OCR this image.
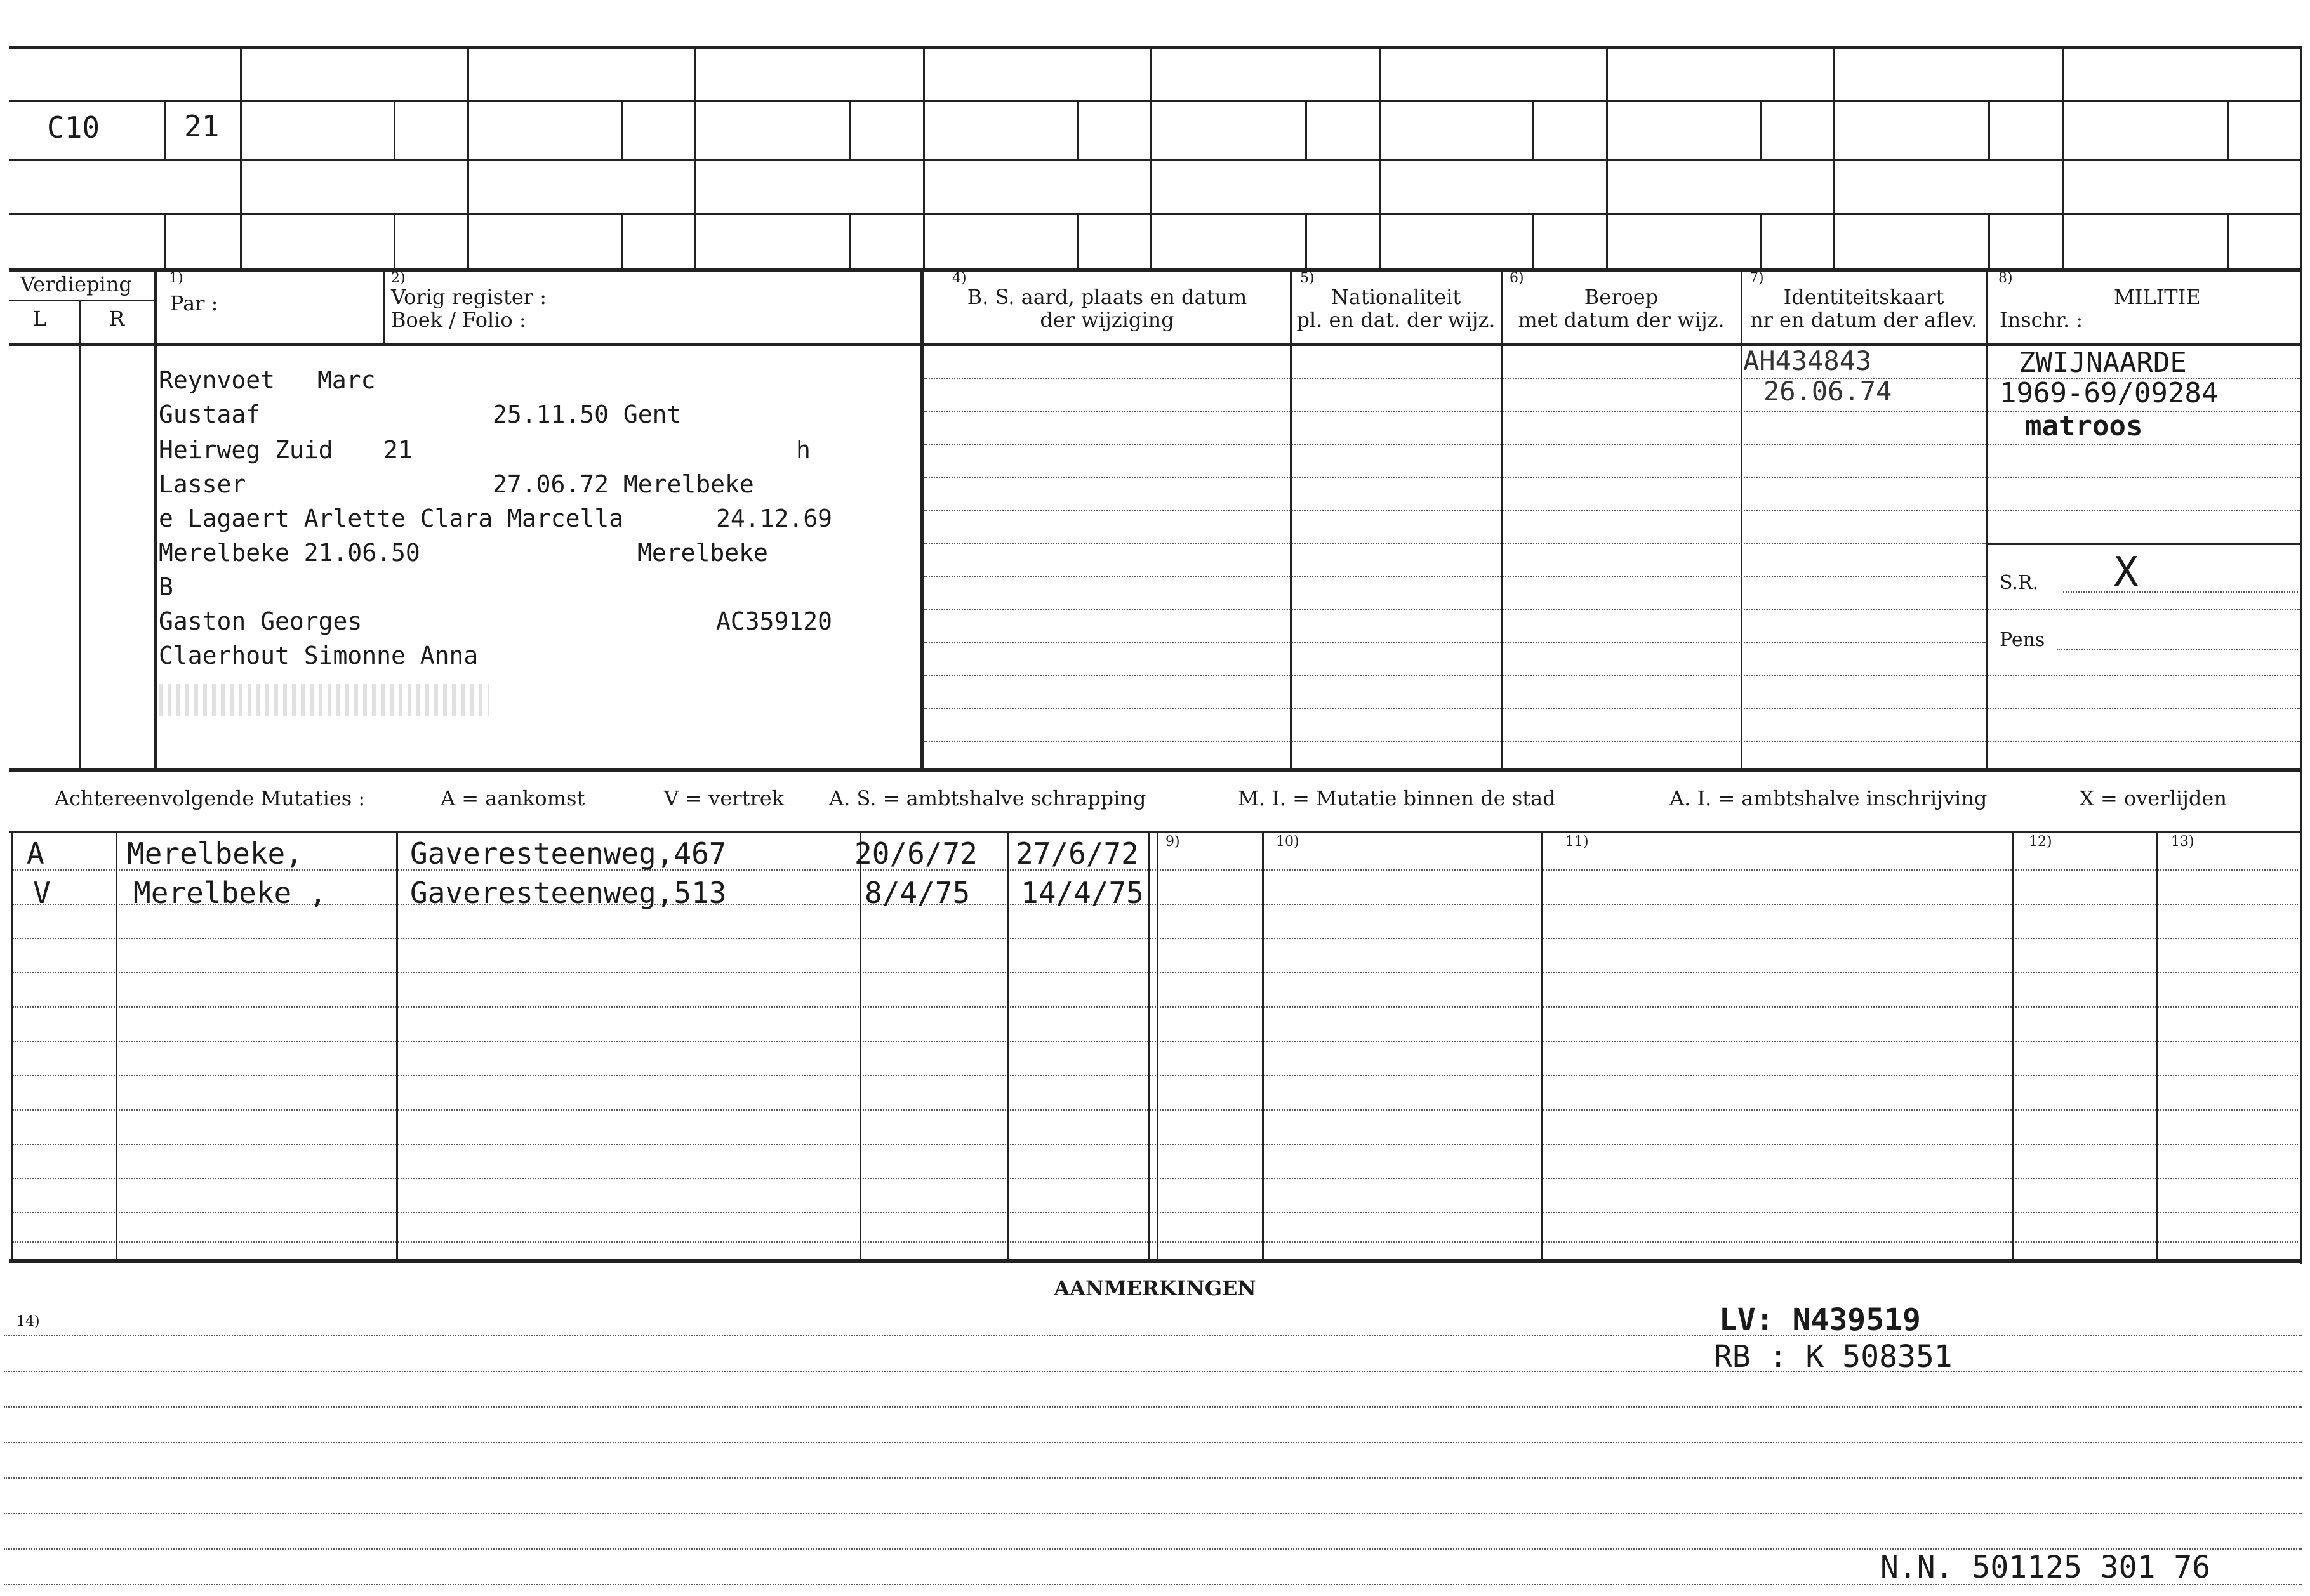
C10	21
Verdieping
L	R
1)
Par :
2)
Vorig register :
Boek / Folio :
4)
B. S. aard, plaats en datum
der wijziging
5)
Nationaliteit
pl. en dat. der wijz.
6)
Beroep
met datum der wijz.
7)
Identiteitskaart
nr en datum der aflev.
8)
MILITIE
Inschr. :
Reynvoet Marc
Gustaaf	25.11.50 Gent
Heirweg Zuid 21	h
Lasser	27.06.72 Merelbeke
e Lagaert Arlette Clara Marcella	24.12.69
Merelbeke 21.06.50	Merelbeke
B
Gaston Georges	AC359120
Claerhout Simonne Anna
AH434843
26.06.74
ZWIJNAARDE
1969-69/09284
matroos
S.R. X
Pens
Achtereenvolgende Mutaties :	A = aankomst	V = vertrek A. S. = ambtshalve schrapping	M. I. = Mutatie binnen de stad	A. I. = ambtshalve inschrijving	X = overlijden
9)	10)	11)	12)	13)
A	Merelbeke,	Gaveresteenweg,467	20/6/72 27/6/72
V	Merelbeke ,	Gaveresteenweg,513	8/4/75 14/4/75
AANMERKINGEN
14)	LV: N439519
RB : K 508351
N.N. 501125 301 76
